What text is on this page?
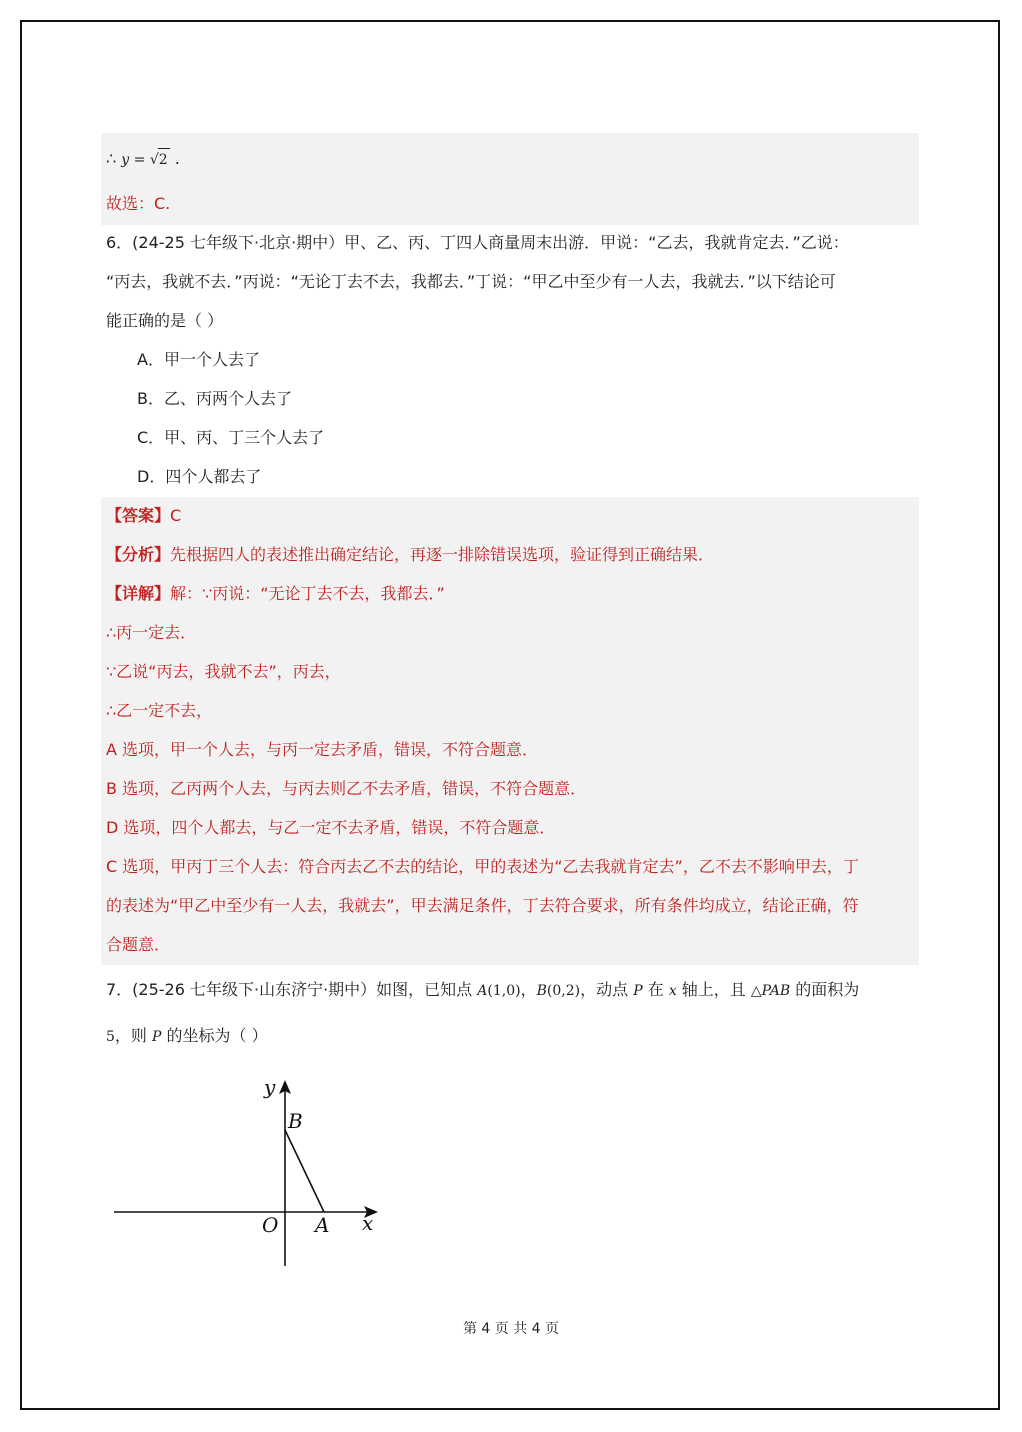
∴ y = √2 .
故选：C.
6．(24-25 七年级下·北京·期中）甲、乙、丙、丁四人商量周末出游．甲说：“乙去，我就肯定去．”乙说：
“丙去，我就不去．”丙说：“无论丁去不去，我都去．”丁说：“甲乙中至少有一人去，我就去．”以下结论可
能正确的是（ ）
A．甲一个人去了
B．乙、丙两个人去了
C．甲、丙、丁三个人去了
D．四个人都去了
【答案】C
【分析】先根据四人的表述推出确定结论，再逐一排除错误选项，验证得到正确结果．
【详解】解：∵丙说：“无论丁去不去，我都去．”
∴丙一定去．
∵乙说“丙去，我就不去”，丙去，
∴乙一定不去，
A 选项，甲一个人去，与丙一定去矛盾，错误，不符合题意．
B 选项，乙丙两个人去，与丙去则乙不去矛盾，错误，不符合题意．
D 选项，四个人都去，与乙一定不去矛盾，错误，不符合题意．
C 选项，甲丙丁三个人去：符合丙去乙不去的结论，甲的表述为“乙去我就肯定去”，乙不去不影响甲去，丁
的表述为“甲乙中至少有一人去，我就去”，甲去满足条件，丁去符合要求，所有条件均成立，结论正确，符
合题意．
7．(25-26 七年级下·山东济宁·期中）如图，已知点 A(1,0)，B(0,2)，动点 P 在 x 轴上，且 △PAB 的面积为
5，则 P 的坐标为（ ）
y
B
O A x
第 4 页 共 4 页
